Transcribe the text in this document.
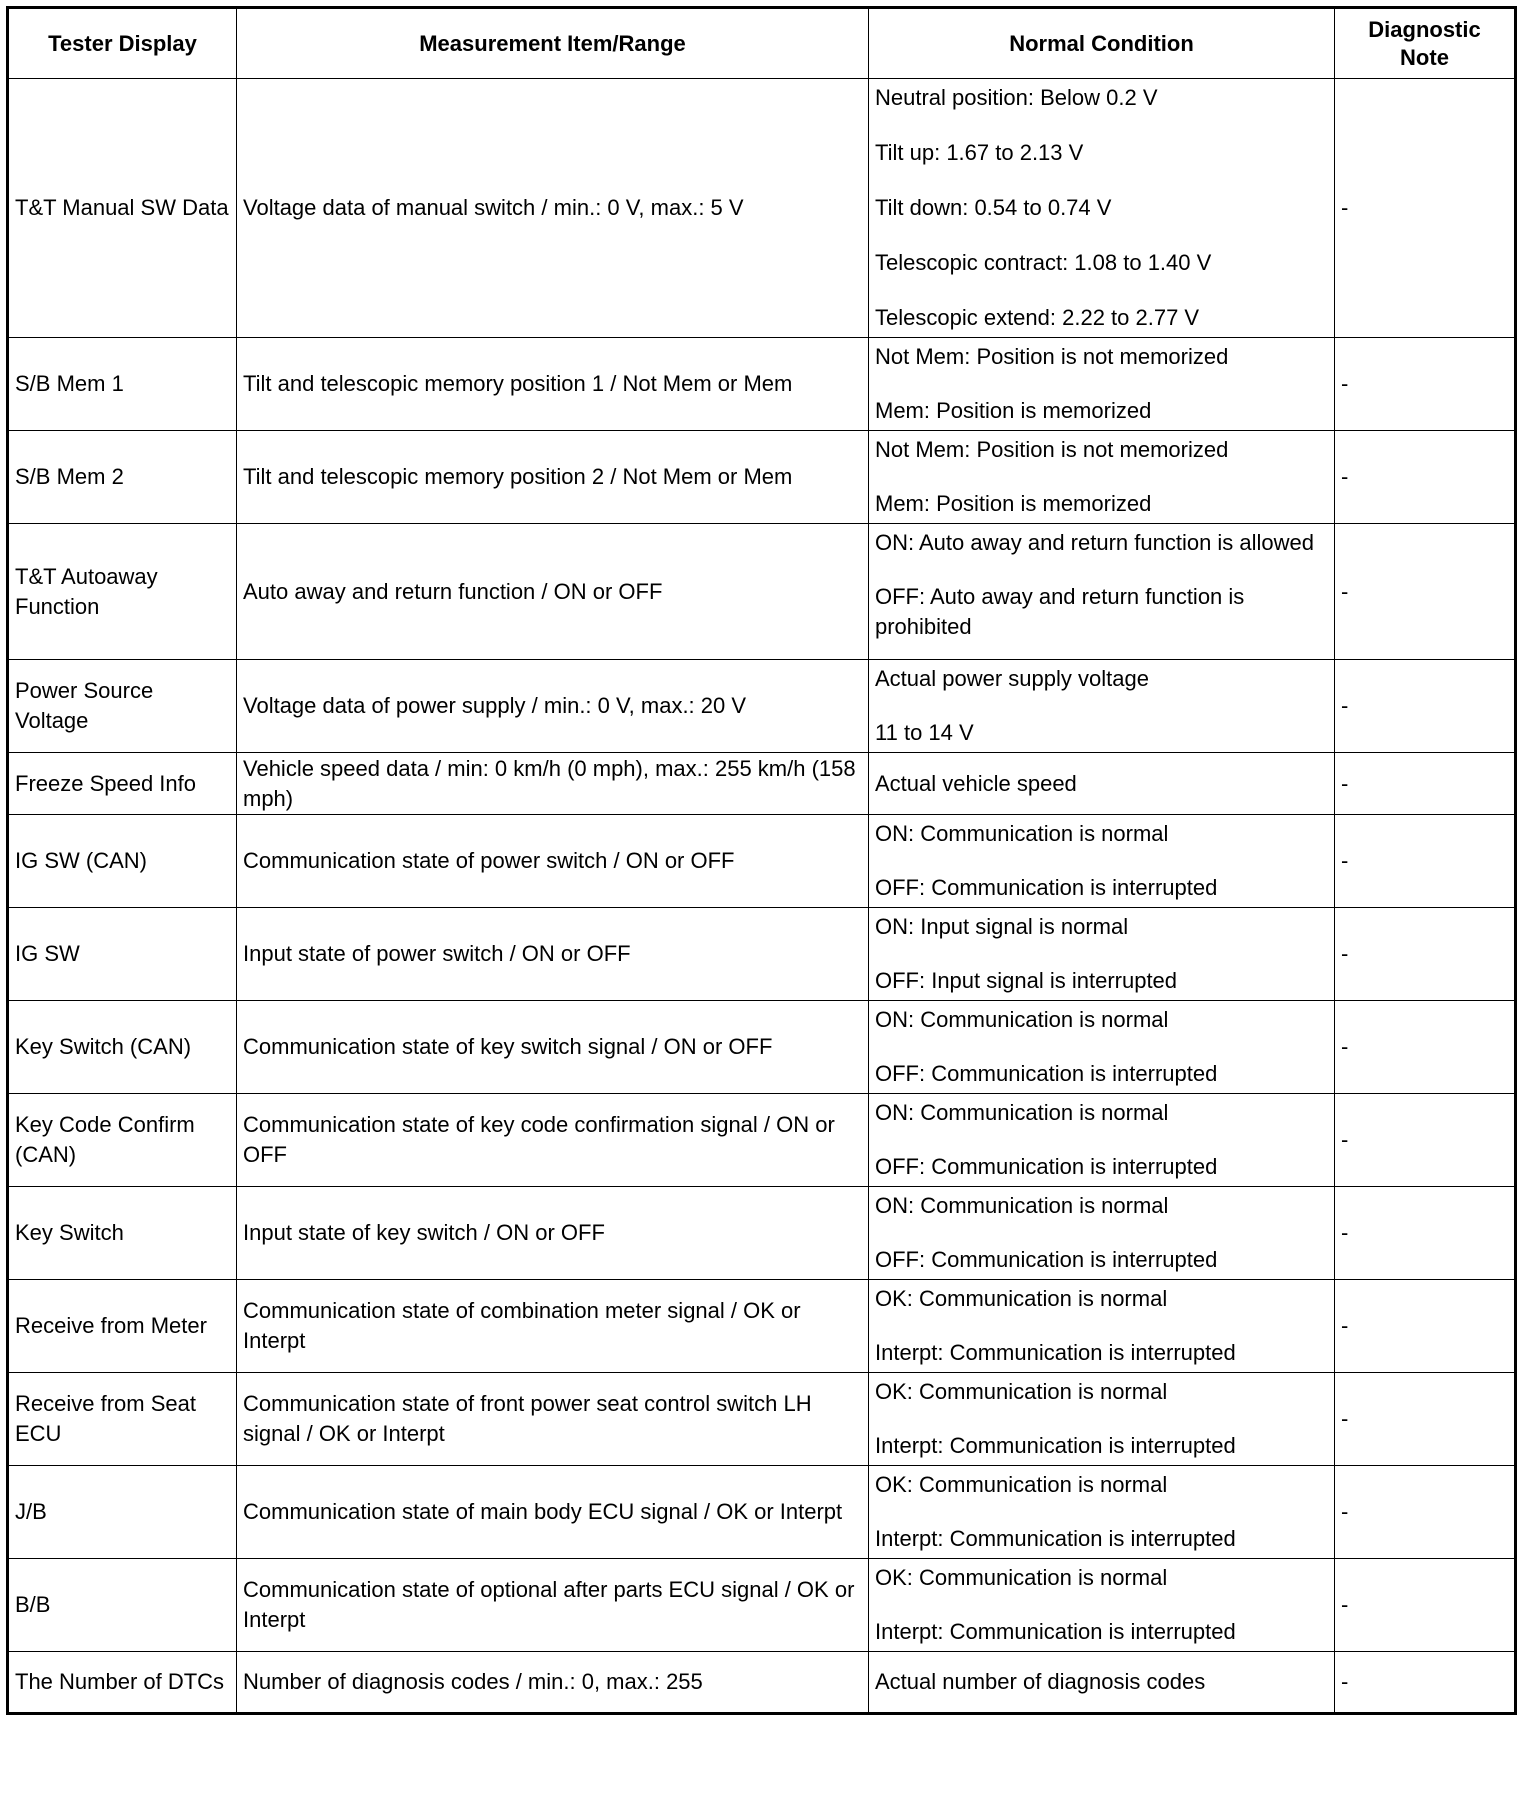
Tester Display	Measurement Item/Range	Normal Condition	Diagnostic Note
T&T Manual SW Data	Voltage data of manual switch / min.: 0 V, max.: 5 V	Neutral position: Below 0.2 V
Tilt up: 1.67 to 2.13 V
Tilt down: 0.54 to 0.74 V
Telescopic contract: 1.08 to 1.40 V
Telescopic extend: 2.22 to 2.77 V	-
S/B Mem 1	Tilt and telescopic memory position 1 / Not Mem or Mem	Not Mem: Position is not memorized
Mem: Position is memorized	-
S/B Mem 2	Tilt and telescopic memory position 2 / Not Mem or Mem	Not Mem: Position is not memorized
Mem: Position is memorized	-
T&T Autoaway Function	Auto away and return function / ON or OFF	ON: Auto away and return function is allowed
OFF: Auto away and return function is prohibited	-
Power Source Voltage	Voltage data of power supply / min.: 0 V, max.: 20 V	Actual power supply voltage
11 to 14 V	-
Freeze Speed Info	Vehicle speed data / min: 0 km/h (0 mph), max.: 255 km/h (158 mph)	Actual vehicle speed	-
IG SW (CAN)	Communication state of power switch / ON or OFF	ON: Communication is normal
OFF: Communication is interrupted	-
IG SW	Input state of power switch / ON or OFF	ON: Input signal is normal
OFF: Input signal is interrupted	-
Key Switch (CAN)	Communication state of key switch signal / ON or OFF	ON: Communication is normal
OFF: Communication is interrupted	-
Key Code Confirm (CAN)	Communication state of key code confirmation signal / ON or OFF	ON: Communication is normal
OFF: Communication is interrupted	-
Key Switch	Input state of key switch / ON or OFF	ON: Communication is normal
OFF: Communication is interrupted	-
Receive from Meter	Communication state of combination meter signal / OK or Interpt	OK: Communication is normal
Interpt: Communication is interrupted	-
Receive from Seat ECU	Communication state of front power seat control switch LH signal / OK or Interpt	OK: Communication is normal
Interpt: Communication is interrupted	-
J/B	Communication state of main body ECU signal / OK or Interpt	OK: Communication is normal
Interpt: Communication is interrupted	-
B/B	Communication state of optional after parts ECU signal / OK or Interpt	OK: Communication is normal
Interpt: Communication is interrupted	-
The Number of DTCs	Number of diagnosis codes / min.: 0, max.: 255	Actual number of diagnosis codes	-
